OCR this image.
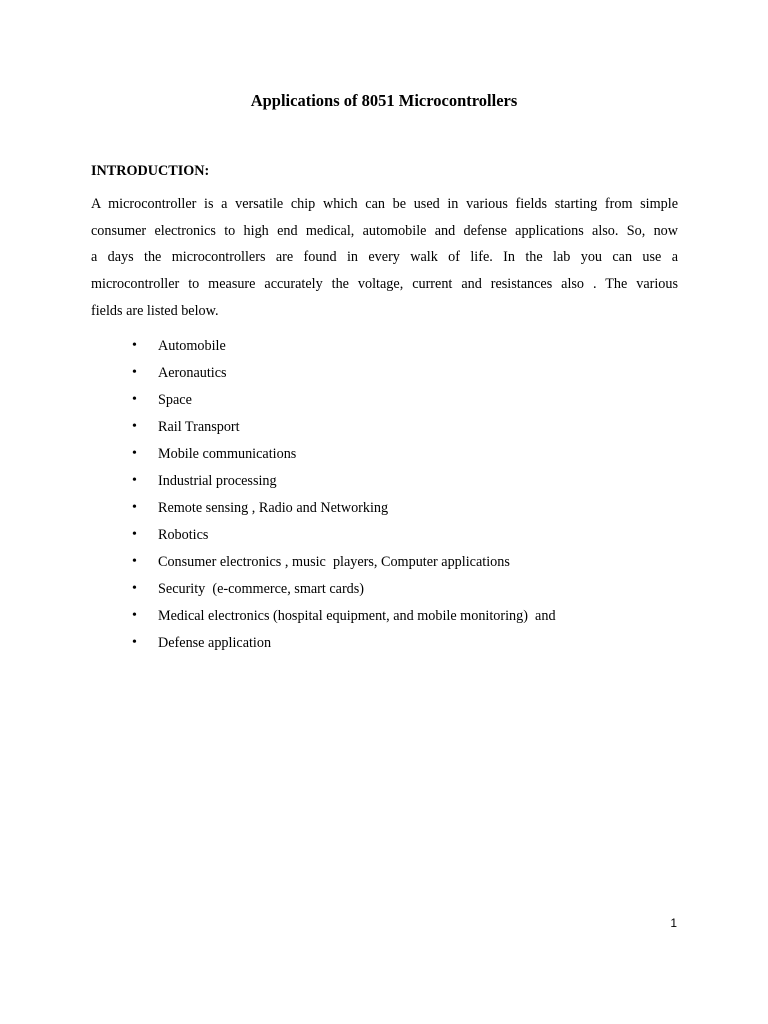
Applications of 8051 Microcontrollers
INTRODUCTION:

A microcontroller is a versatile chip which can be used in various fields starting from simple
consumer electronics to high end medical, automobile and defense applications also. So, now
a days the microcontrollers are found in every walk of life. In the lab you can use a
microcontroller to measure accurately the voltage, current and resistances also . The various
fields are listed below.

• Automobile
• Aeronautics
• Space
• Rail Transport
• Mobile communications
• Industrial processing
• Remote sensing , Radio and Networking
• Robotics
• Consumer electronics , music  players, Computer applications
• Security  (e-commerce, smart cards)
• Medical electronics (hospital equipment, and mobile monitoring)  and
• Defense application
1
